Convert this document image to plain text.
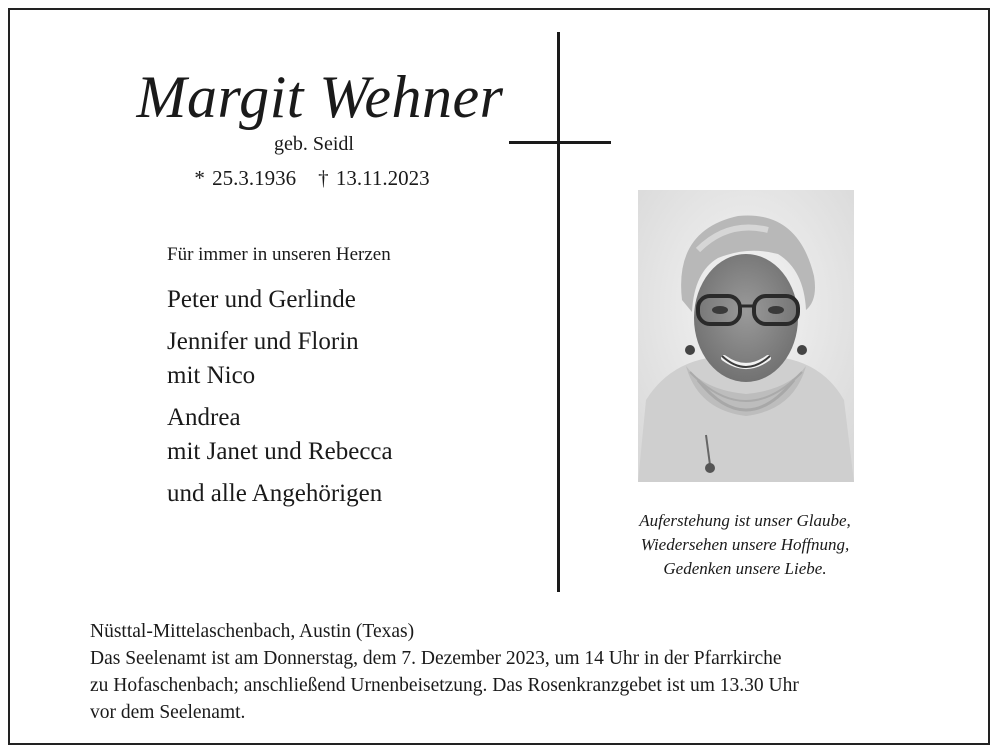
Margit Wehner
geb. Seidl
* 25.3.1936 † 13.11.2023
Für immer in unseren Herzen
Peter und Gerlinde
Jennifer und Florin
mit Nico
Andrea
mit Janet und Rebecca
und alle Angehörigen
Auferstehung ist unser Glaube,
Wiedersehen unsere Hoffnung,
Gedenken unsere Liebe.
Nüsttal-Mittelaschenbach, Austin (Texas)
Das Seelenamt ist am Donnerstag, dem 7. Dezember 2023, um 14 Uhr in der Pfarrkirche
zu Hofaschenbach; anschließend Urnenbeisetzung. Das Rosenkranzgebet ist um 13.30 Uhr
vor dem Seelenamt.
